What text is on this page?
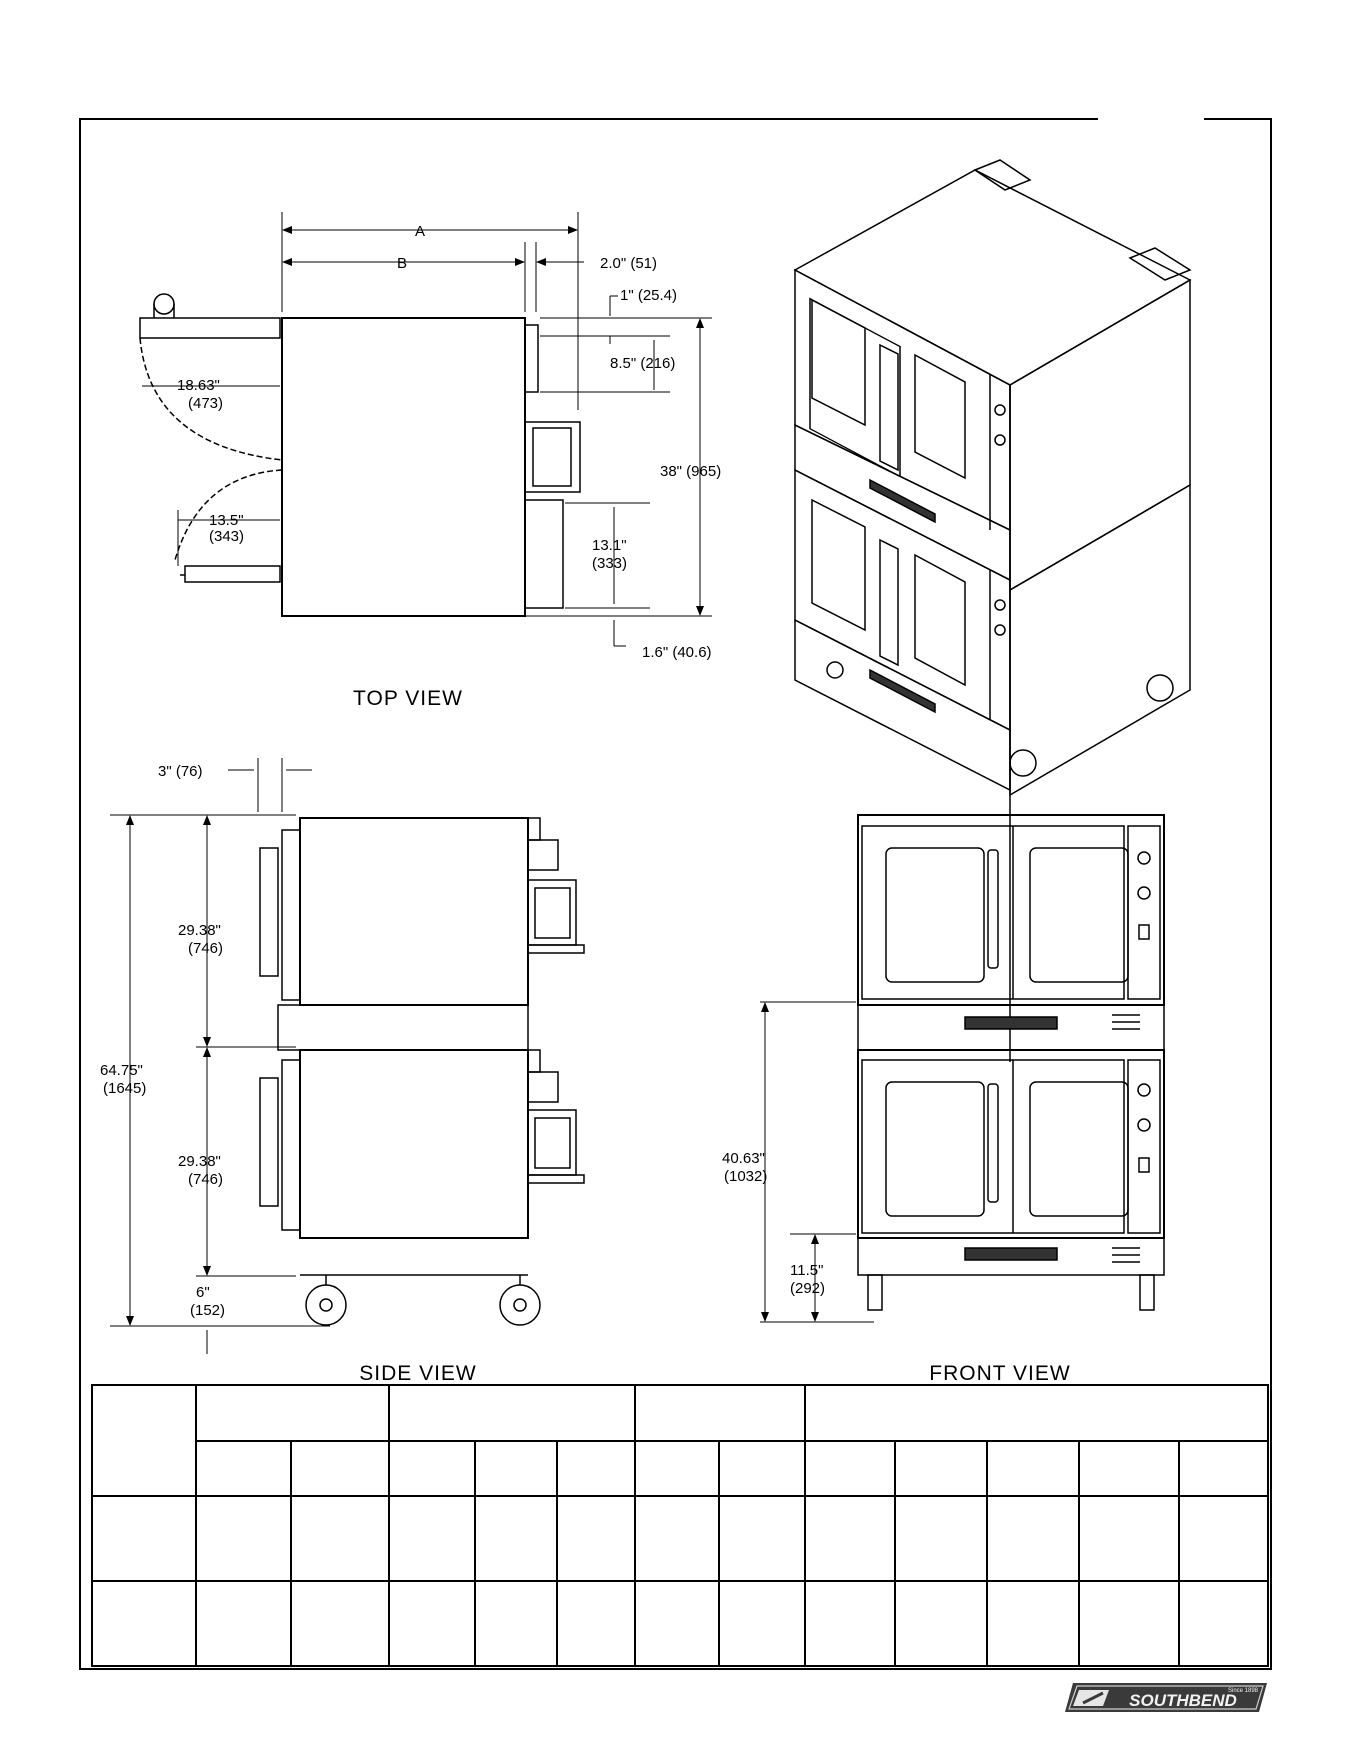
A
B	2.0" (51)
1" (25.4)
8.5" (216)
18.63"
(473)
38" (965)
13.5"
(343)
13.1"
(333)
1.6" (40.6)
TOP VIEW
3" (76)
29.38"
(746)
64.75"
(1645)
29.38"
(746)
6"
(152)
SIDE VIEW
40.63"
(1032)
11.5"
(292)
FRONT VIEW

SOUTHBEND
Since 1898
